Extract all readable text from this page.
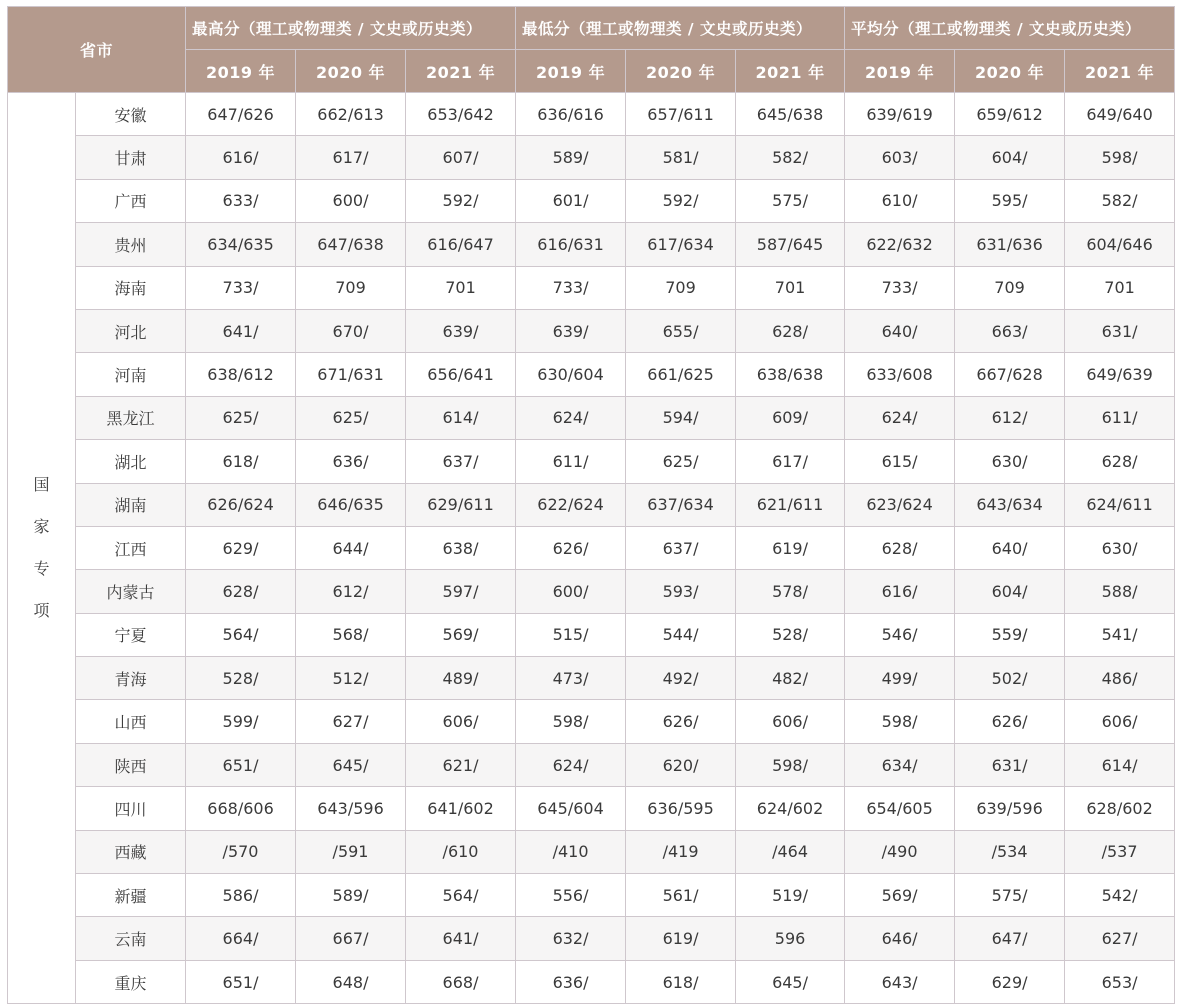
省市		最高分（理工或物理类 / 文史或历史类）			最低分（理工或物理类 / 文史或历史类）			平均分（理工或物理类 / 文史或历史类）		
		2019 年	2020 年	2021 年	2019 年	2020 年	2021 年	2019 年	2020 年	2021 年

国
家
专
项	安徽	647/626	662/613	653/642	636/616	657/611	645/638	639/619	659/612	649/640
	甘肃	616/	617/	607/	589/	581/	582/	603/	604/	598/
	广西	633/	600/	592/	601/	592/	575/	610/	595/	582/
	贵州	634/635	647/638	616/647	616/631	617/634	587/645	622/632	631/636	604/646
	海南	733/	709	701	733/	709	701	733/	709	701
	河北	641/	670/	639/	639/	655/	628/	640/	663/	631/
	河南	638/612	671/631	656/641	630/604	661/625	638/638	633/608	667/628	649/639
	黑龙江	625/	625/	614/	624/	594/	609/	624/	612/	611/
	湖北	618/	636/	637/	611/	625/	617/	615/	630/	628/
	湖南	626/624	646/635	629/611	622/624	637/634	621/611	623/624	643/634	624/611
	江西	629/	644/	638/	626/	637/	619/	628/	640/	630/
	内蒙古	628/	612/	597/	600/	593/	578/	616/	604/	588/
	宁夏	564/	568/	569/	515/	544/	528/	546/	559/	541/
	青海	528/	512/	489/	473/	492/	482/	499/	502/	486/
	山西	599/	627/	606/	598/	626/	606/	598/	626/	606/
	陕西	651/	645/	621/	624/	620/	598/	634/	631/	614/
	四川	668/606	643/596	641/602	645/604	636/595	624/602	654/605	639/596	628/602
	西藏	/570	/591	/610	/410	/419	/464	/490	/534	/537
	新疆	586/	589/	564/	556/	561/	519/	569/	575/	542/
	云南	664/	667/	641/	632/	619/	596	646/	647/	627/
	重庆	651/	648/	668/	636/	618/	645/	643/	629/	653/
